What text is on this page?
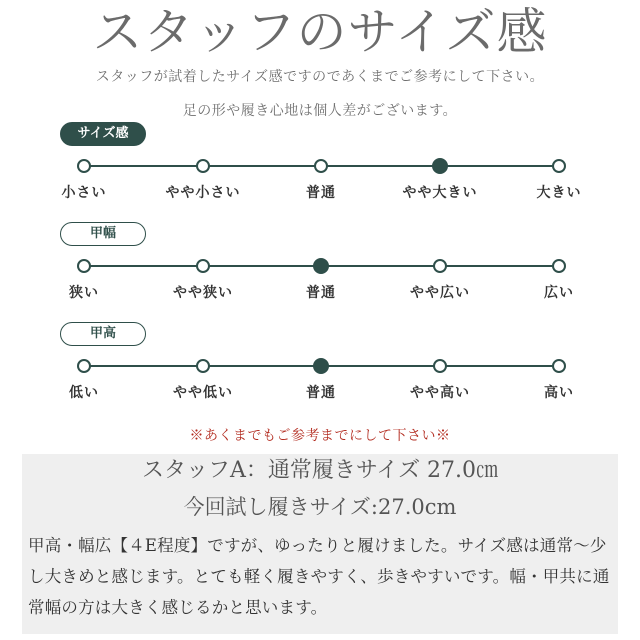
スタッフのサイズ感
スタッフが試着したサイズ感ですのであくまでご参考にして下さい。
足の形や履き心地は個人差がございます。
サイズ感
小さい	やや小さい	普通	やや大きい	大きい
甲幅
狭い	やや狭い	普通	やや広い	広い
甲高
低い	やや低い	普通	やや高い	高い
※あくまでもご参考までにして下さい※
スタッフA：通常履きサイズ 27.0㎝
今回試し履きサイズ:27.0cm
甲高・幅広【４E程度】ですが、ゆったりと履けました。サイズ感は通常〜少し大きめと感じます。とても軽く履きやすく、歩きやすいです。幅・甲共に通常幅の方は大きく感じるかと思います。
